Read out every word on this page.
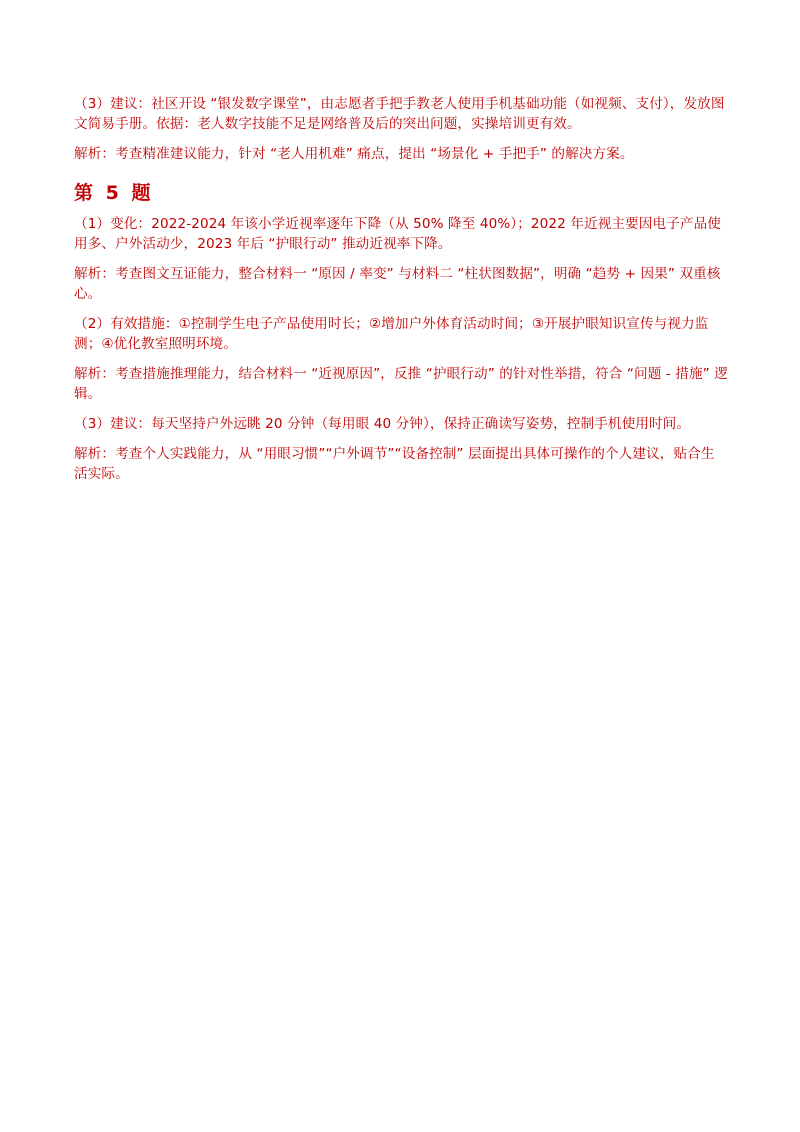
（3）建议：社区开设 “银发数字课堂”，由志愿者手把手教老人使用手机基础功能（如视频、支付），发放图文简易手册。依据：老人数字技能不足是网络普及后的突出问题，实操培训更有效。

解析：考查精准建议能力，针对 “老人用机难” 痛点，提出 “场景化 + 手把手” 的解决方案。

第 5 题

（1）变化：2022-2024 年该小学近视率逐年下降（从 50% 降至 40%）；2022 年近视主要因电子产品使用多、户外活动少，2023 年后 “护眼行动” 推动近视率下降。

解析：考查图文互证能力，整合材料一 “原因 / 率变” 与材料二 “柱状图数据”，明确 “趋势 + 因果” 双重核心。

（2）有效措施：①控制学生电子产品使用时长；②增加户外体育活动时间；③开展护眼知识宣传与视力监测；④优化教室照明环境。

解析：考查措施推理能力，结合材料一 “近视原因”，反推 “护眼行动” 的针对性举措，符合 “问题 - 措施” 逻辑。

（3）建议：每天坚持户外远眺 20 分钟（每用眼 40 分钟），保持正确读写姿势，控制手机使用时间。

解析：考查个人实践能力，从 “用眼习惯”“户外调节”“设备控制” 层面提出具体可操作的个人建议，贴合生活实际。
